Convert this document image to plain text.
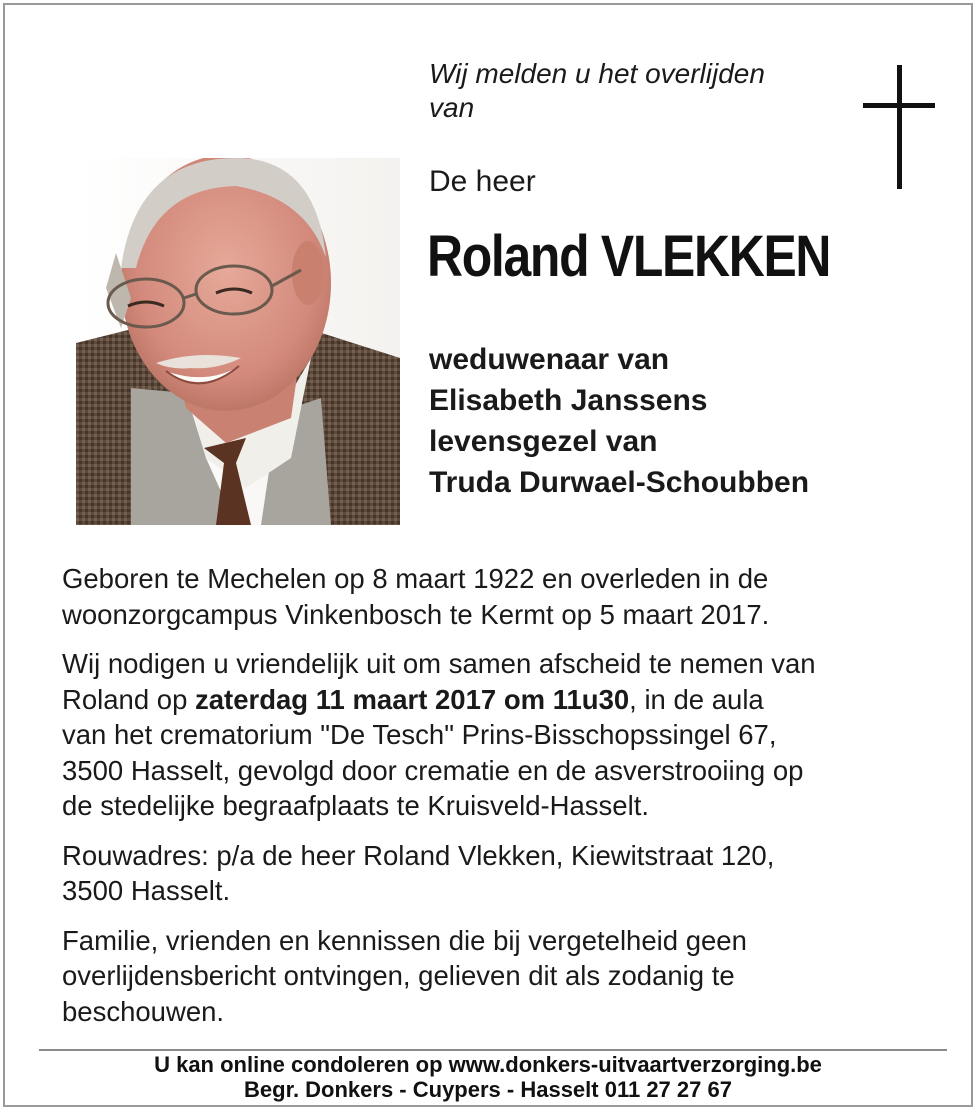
Wij melden u het overlijden
van
De heer
Roland VLEKKEN
weduwenaar van
Elisabeth Janssens
levensgezel van
Truda Durwael-Schoubben

Geboren te Mechelen op 8 maart 1922 en overleden in de
woonzorgcampus Vinkenbosch te Kermt op 5 maart 2017.

Wij nodigen u vriendelijk uit om samen afscheid te nemen van
Roland op zaterdag 11 maart 2017 om 11u30, in de aula
van het crematorium "De Tesch" Prins-Bisschopssingel 67,
3500 Hasselt, gevolgd door crematie en de asverstrooiing op
de stedelijke begraafplaats te Kruisveld-Hasselt.

Rouwadres: p/a de heer Roland Vlekken, Kiewitstraat 120,
3500 Hasselt.

Familie, vrienden en kennissen die bij vergetelheid geen
overlijdensbericht ontvingen, gelieven dit als zodanig te
beschouwen.

U kan online condoleren op www.donkers-uitvaartverzorging.be
Begr. Donkers - Cuypers - Hasselt 011 27 27 67
